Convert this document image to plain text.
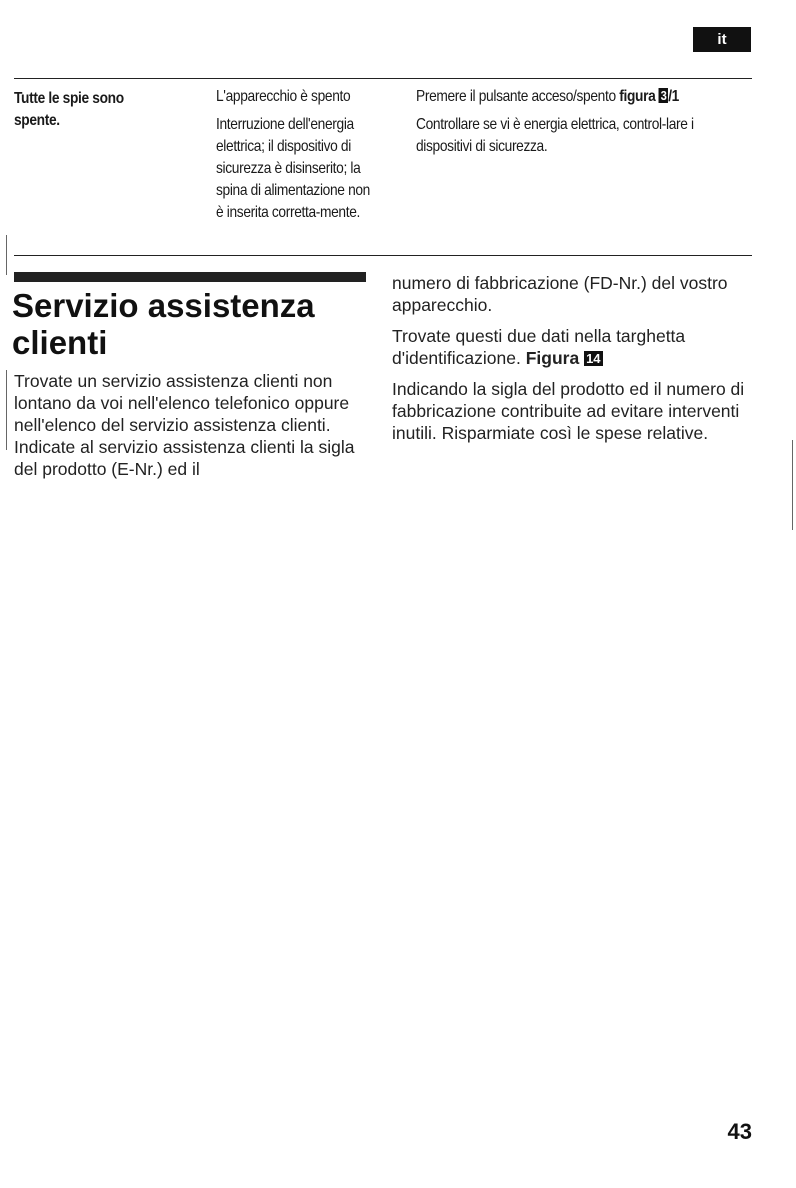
it

Tutte le spie sono spente.

L'apparecchio è spento

Interruzione dell'energia elettrica; il dispositivo di sicurezza è disinserito; la spina di alimentazione non è inserita corretta-mente.

Premere il pulsante acceso/spento figura 3 /1

Controllare se vi è energia elettrica, control-lare i dispositivi di sicurezza.

Servizio assistenza clienti

Trovate un servizio assistenza clienti non lontano da voi nell'elenco telefonico oppure nell'elenco del servizio assistenza clienti. Indicate al servizio assistenza clienti la sigla del prodotto (E-Nr.) ed il

numero di fabbricazione (FD-Nr.) del vostro apparecchio.

Trovate questi due dati nella targhetta d'identificazione. Figura 14

Indicando la sigla del prodotto ed il numero di fabbricazione contribuite ad evitare interventi inutili. Risparmiate così le spese relative.

43
